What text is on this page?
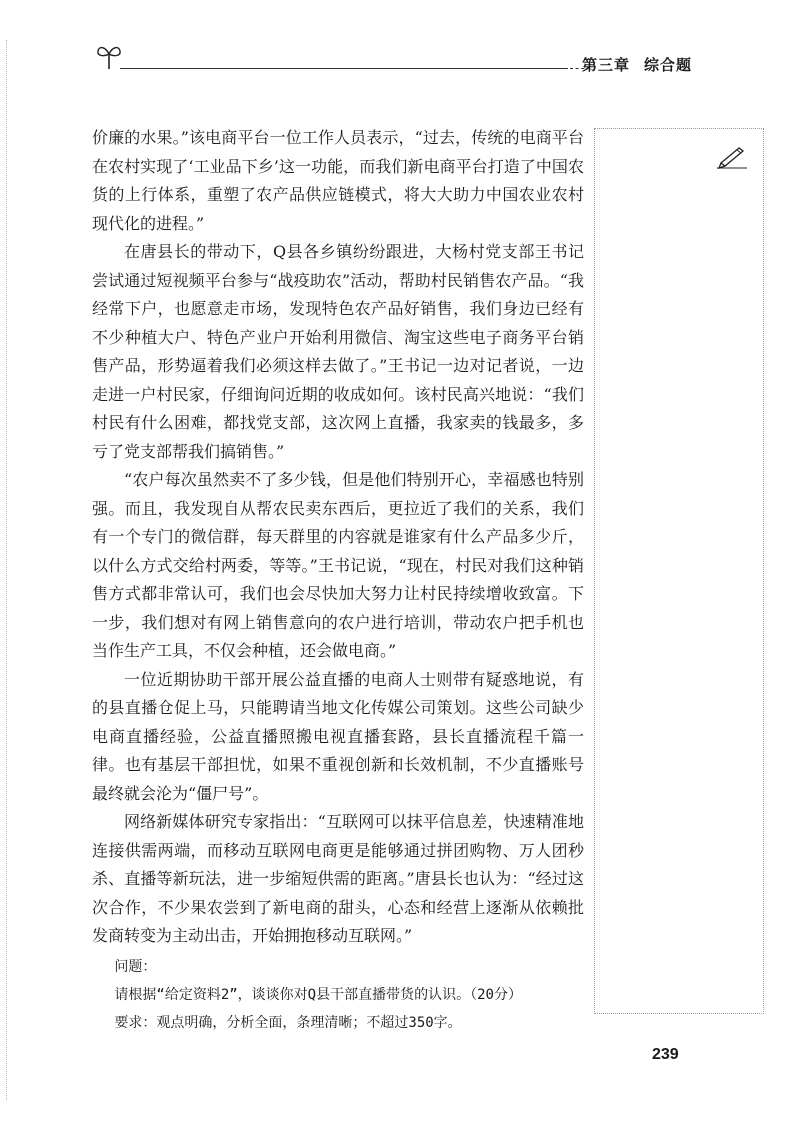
第三章 综合题

价廉的水果。”该电商平台一位工作人员表示，“过去，传统的电商平台在农村实现了‘工业品下乡’这一功能，而我们新电商平台打造了中国农货的上行体系，重塑了农产品供应链模式，将大大助力中国农业农村现代化的进程。”

在唐县长的带动下，Q县各乡镇纷纷跟进，大杨村党支部王书记尝试通过短视频平台参与“战疫助农”活动，帮助村民销售农产品。“我经常下户，也愿意走市场，发现特色农产品好销售，我们身边已经有不少种植大户、特色产业户开始利用微信、淘宝这些电子商务平台销售产品，形势逼着我们必须这样去做了。”王书记一边对记者说，一边走进一户村民家，仔细询问近期的收成如何。该村民高兴地说：“我们村民有什么困难，都找党支部，这次网上直播，我家卖的钱最多，多亏了党支部帮我们搞销售。”

“农户每次虽然卖不了多少钱，但是他们特别开心，幸福感也特别强。而且，我发现自从帮农民卖东西后，更拉近了我们的关系，我们有一个专门的微信群，每天群里的内容就是谁家有什么产品多少斤，以什么方式交给村两委，等等。”王书记说，“现在，村民对我们这种销售方式都非常认可，我们也会尽快加大努力让村民持续增收致富。下一步，我们想对有网上销售意向的农户进行培训，带动农户把手机也当作生产工具，不仅会种植，还会做电商。”

一位近期协助干部开展公益直播的电商人士则带有疑惑地说，有的县直播仓促上马，只能聘请当地文化传媒公司策划。这些公司缺少电商直播经验，公益直播照搬电视直播套路，县长直播流程千篇一律。也有基层干部担忧，如果不重视创新和长效机制，不少直播账号最终就会沦为“僵尸号”。

网络新媒体研究专家指出：“互联网可以抹平信息差，快速精准地连接供需两端，而移动互联网电商更是能够通过拼团购物、万人团秒杀、直播等新玩法，进一步缩短供需的距离。”唐县长也认为：“经过这次合作，不少果农尝到了新电商的甜头，心态和经营上逐渐从依赖批发商转变为主动出击，开始拥抱移动互联网。”

问题：

请根据“给定资料2”，谈谈你对Q县干部直播带货的认识。（20分）

要求：观点明确，分析全面，条理清晰；不超过350字。

239
